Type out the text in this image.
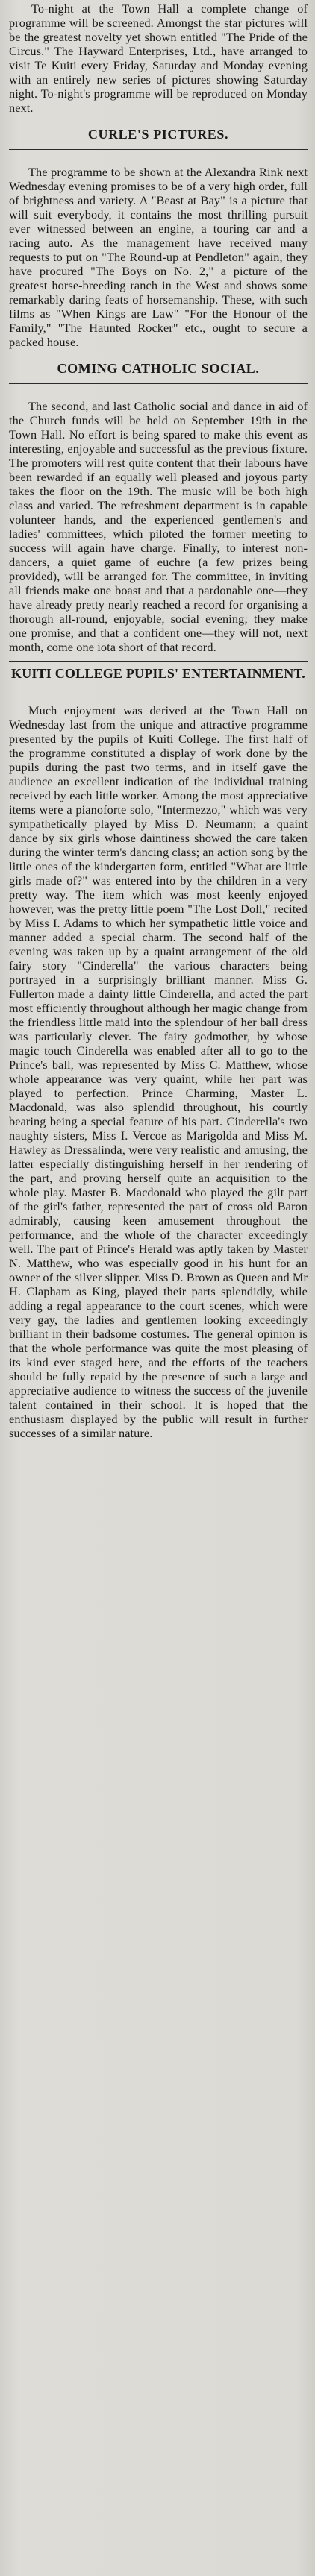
To-night at the Town Hall a complete change of programme will be screened. Amongst the star pictures will be the greatest novelty yet shown entitled "The Pride of the Circus." The Hayward Enterprises, Ltd., have arranged to visit Te Kuiti every Friday, Saturday and Monday evening with an entirely new series of pictures showing Saturday night. To-night's programme will be reproduced on Monday next.

CURLE'S PICTURES.

The programme to be shown at the Alexandra Rink next Wednesday evening promises to be of a very high order, full of brightness and variety. A "Beast at Bay" is a picture that will suit everybody, it contains the most thrilling pursuit ever witnessed between an engine, a touring car and a racing auto. As the management have received many requests to put on "The Round-up at Pendleton" again, they have procured "The Boys on No. 2," a picture of the greatest horse-breeding ranch in the West and shows some remarkably daring feats of horsemanship. These, with such films as "When Kings are Law" "For the Honour of the Family," "The Haunted Rocker" etc., ought to secure a packed house.

COMING CATHOLIC SOCIAL.

The second, and last Catholic social and dance in aid of the Church funds will be held on September 19th in the Town Hall. No effort is being spared to make this event as interesting, enjoyable and successful as the previous fixture. The promoters will rest quite content that their labours have been rewarded if an equally well pleased and joyous party takes the floor on the 19th. The music will be both high class and varied. The refreshment department is in capable volunteer hands, and the experienced gentlemen's and ladies' committees, which piloted the former meeting to success will again have charge. Finally, to interest non-dancers, a quiet game of euchre (a few prizes being provided), will be arranged for. The committee, in inviting all friends make one boast and that a pardonable one—they have already pretty nearly reached a record for organising a thorough all-round, enjoyable, social evening; they make one promise, and that a confident one—they will not, next month, come one iota short of that record.

KUITI COLLEGE PUPILS' ENTERTAINMENT.

Much enjoyment was derived at the Town Hall on Wednesday last from the unique and attractive programme presented by the pupils of Kuiti College. The first half of the programme constituted a display of work done by the pupils during the past two terms, and in itself gave the audience an excellent indication of the individual training received by each little worker. Among the most appreciative items were a pianoforte solo, "Intermezzo," which was very sympathetically played by Miss D. Neumann; a quaint dance by six girls whose daintiness showed the care taken during the winter term's dancing class; an action song by the little ones of the kindergarten form, entitled "What are little girls made of?" was entered into by the children in a very pretty way. The item which was most keenly enjoyed however, was the pretty little poem "The Lost Doll," recited by Miss I. Adams to which her sympathetic little voice and manner added a special charm. The second half of the evening was taken up by a quaint arrangement of the old fairy story "Cinderella" the various characters being portrayed in a surprisingly brilliant manner. Miss G. Fullerton made a dainty little Cinderella, and acted the part most efficiently throughout although her magic change from the friendless little maid into the splendour of her ball dress was particularly clever. The fairy godmother, by whose magic touch Cinderella was enabled after all to go to the Prince's ball, was represented by Miss C. Matthew, whose whole appearance was very quaint, while her part was played to perfection. Prince Charming, Master L. Macdonald, was also splendid throughout, his courtly bearing being a special feature of his part. Cinderella's two naughty sisters, Miss I. Vercoe as Marigolda and Miss M. Hawley as Dressalinda, were very realistic and amusing, the latter especially distinguishing herself in her rendering of the part, and proving herself quite an acquisition to the whole play. Master B. Macdonald who played the gilt part of the girl's father, represented the part of cross old Baron admirably, causing keen amusement throughout the performance, and the whole of the character exceedingly well. The part of Prince's Herald was aptly taken by Master N. Matthew, who was especially good in his hunt for an owner of the silver slipper. Miss D. Brown as Queen and Mr H. Clapham as King, played their parts splendidly, while adding a regal appearance to the court scenes, which were very gay, the ladies and gentlemen looking exceedingly brilliant in their badsome costumes. The general opinion is that the whole performance was quite the most pleasing of its kind ever staged here, and the efforts of the teachers should be fully repaid by the presence of such a large and appreciative audience to witness the success of the juvenile talent contained in their school. It is hoped that the enthusiasm displayed by the public will result in further successes of a similar nature.
